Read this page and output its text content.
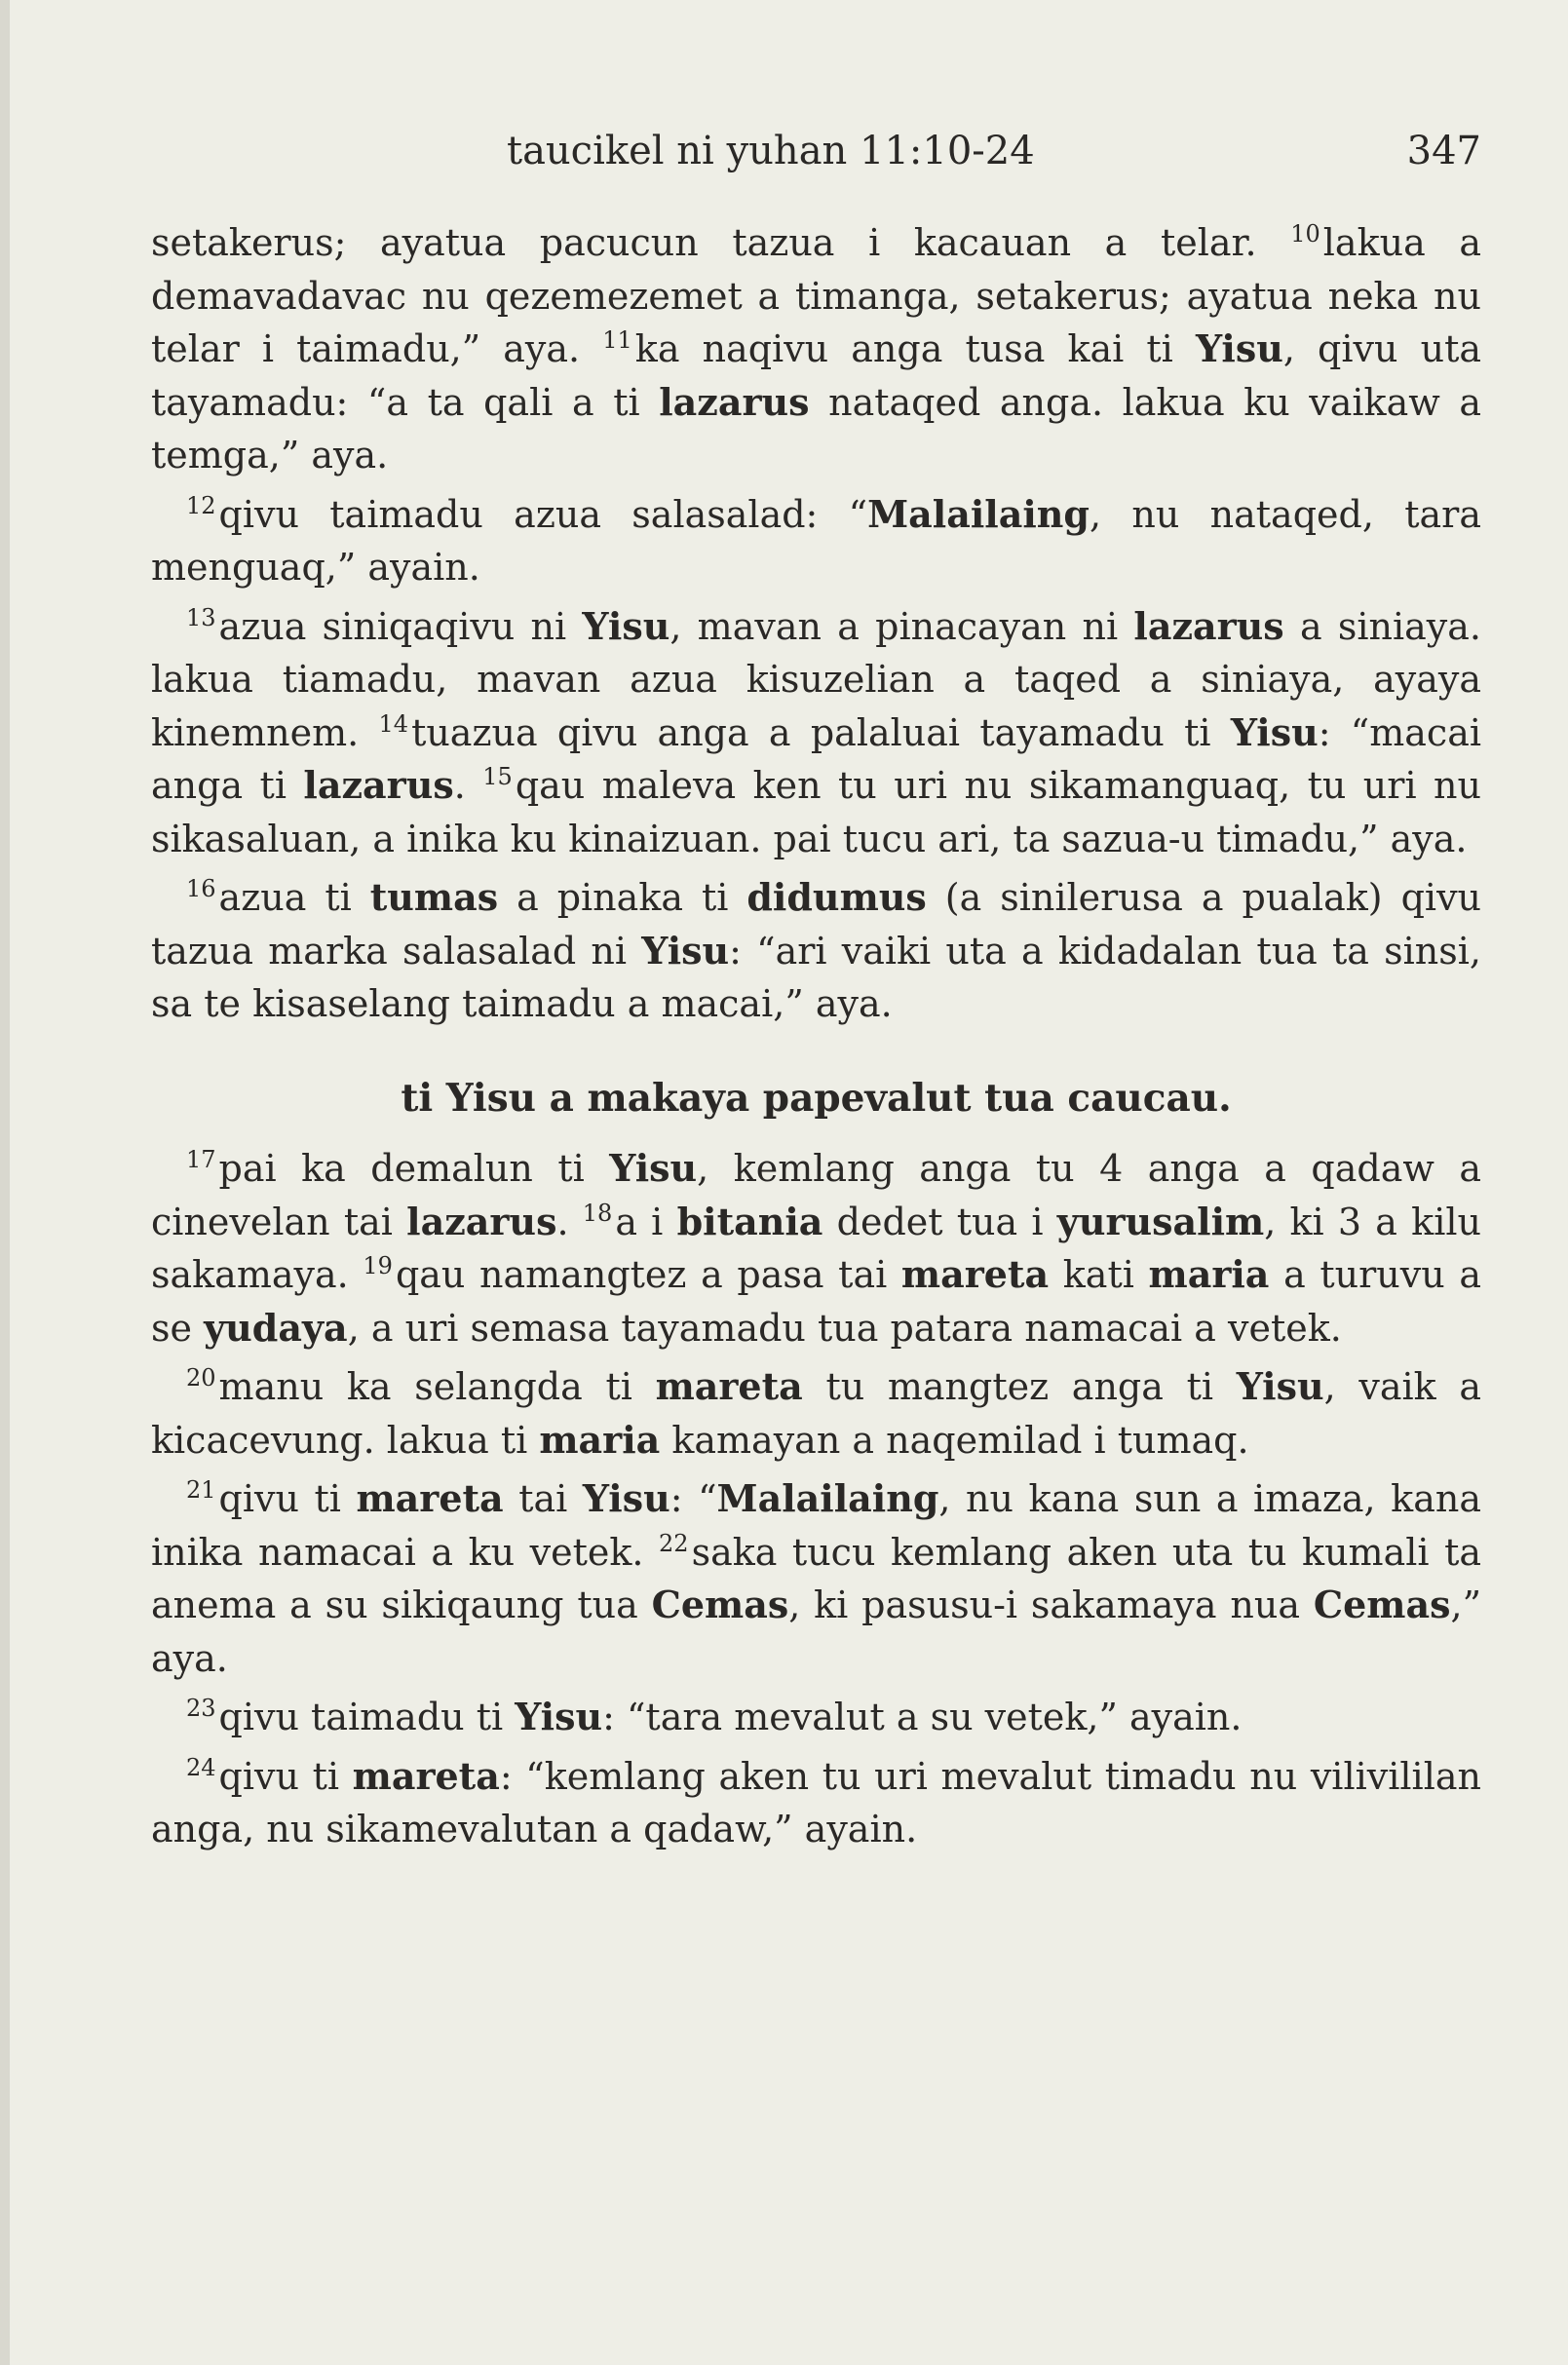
taucikel ni yuhan 11:10-24	347

setakerus; ayatua pacucun tazua i kacauan a telar. $^{10}$lakua a demavadavac nu qezemezemet a timanga, setakerus; ayatua neka nu telar i taimadu,” aya. $^{11}$ka naqivu anga tusa kai ti Yisu, qivu uta tayamadu: “a ta qali a ti lazarus nataqed anga. lakua ku vaikaw a temga,” aya.

$^{12}$qivu taimadu azua salasalad: “Malailaing, nu nataqed, tara menguaq,” ayain.

$^{13}$azua siniqaqivu ni Yisu, mavan a pinacayan ni lazarus a siniaya. lakua tiamadu, mavan azua kisuzelian a taqed a siniaya, ayaya kinemnem. $^{14}$tuazua qivu anga a palaluai tayamadu ti Yisu: “macai anga ti lazarus. $^{15}$qau maleva ken tu uri nu sikamanguaq, tu uri nu sikasaluan, a inika ku kinaizuan. pai tucu ari, ta sazua-u timadu,” aya.

$^{16}$azua ti tumas a pinaka ti didumus (a sinilerusa a pualak) qivu tazua marka salasalad ni Yisu: “ari vaiki uta a kidadalan tua ta sinsi, sa te kisaselang taimadu a macai,” aya.

ti Yisu a makaya papevalut tua caucau.

$^{17}$pai ka demalun ti Yisu, kemlang anga tu 4 anga a qadaw a cinevelan tai lazarus. $^{18}$a i bitania dedet tua i yurusalim, ki 3 a kilu sakamaya. $^{19}$qau namangtez a pasa tai mareta kati maria a turuvu a se yudaya, a uri semasa tayamadu tua patara namacai a vetek.

$^{20}$manu ka selangda ti mareta tu mangtez anga ti Yisu, vaik a kicacevung. lakua ti maria kamayan a naqemilad i tumaq.

$^{21}$qivu ti mareta tai Yisu: “Malailaing, nu kana sun a imaza, kana inika namacai a ku vetek. $^{22}$saka tucu kemlang aken uta tu kumali ta anema a su sikiqaung tua Cemas, ki pasusu-i sakamaya nua Cemas,” aya.

$^{23}$qivu taimadu ti Yisu: “tara mevalut a su vetek,” ayain.

$^{24}$qivu ti mareta: “kemlang aken tu uri mevalut timadu nu vilivililan anga, nu sikamevalutan a qadaw,” ayain.
